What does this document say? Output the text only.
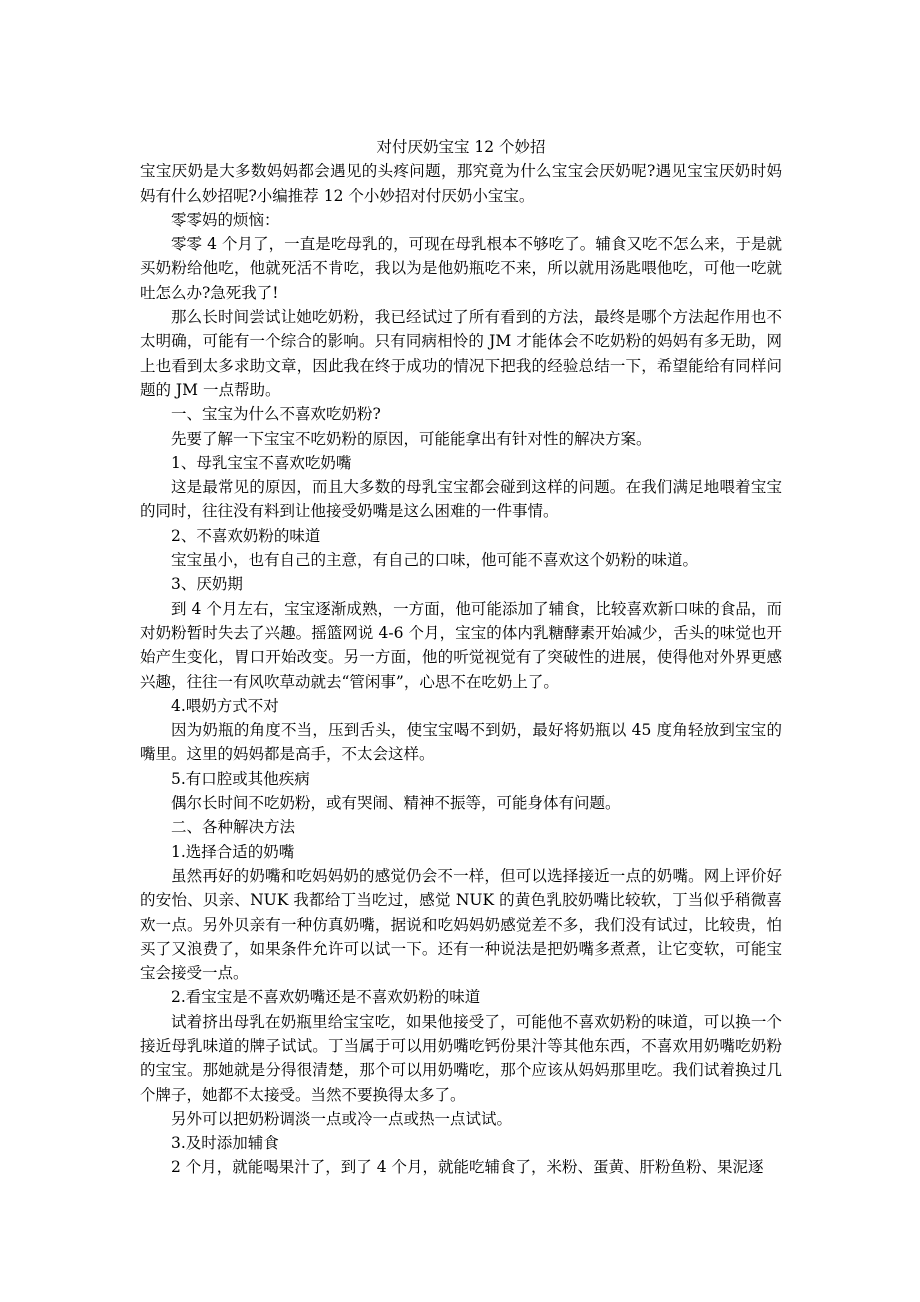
对付厌奶宝宝 12 个妙招

宝宝厌奶是大多数妈妈都会遇见的头疼问题，那究竟为什么宝宝会厌奶呢?遇见宝宝厌奶时妈妈有什么妙招呢?小编推荐 12 个小妙招对付厌奶小宝宝。

零零妈的烦恼：

零零 4 个月了，一直是吃母乳的，可现在母乳根本不够吃了。辅食又吃不怎么来，于是就买奶粉给他吃，他就死活不肯吃，我以为是他奶瓶吃不来，所以就用汤匙喂他吃，可他一吃就吐怎么办?急死我了!

那么长时间尝试让她吃奶粉，我已经试过了所有看到的方法，最终是哪个方法起作用也不太明确，可能有一个综合的影响。只有同病相怜的 JM 才能体会不吃奶粉的妈妈有多无助，网上也看到太多求助文章，因此我在终于成功的情况下把我的经验总结一下，希望能给有同样问题的 JM 一点帮助。

一、宝宝为什么不喜欢吃奶粉?

先要了解一下宝宝不吃奶粉的原因，可能能拿出有针对性的解决方案。

1、母乳宝宝不喜欢吃奶嘴

这是最常见的原因，而且大多数的母乳宝宝都会碰到这样的问题。在我们满足地喂着宝宝的同时，往往没有料到让他接受奶嘴是这么困难的一件事情。

2、不喜欢奶粉的味道

宝宝虽小，也有自己的主意，有自己的口味，他可能不喜欢这个奶粉的味道。

3、厌奶期

到 4 个月左右，宝宝逐渐成熟，一方面，他可能添加了辅食，比较喜欢新口味的食品，而对奶粉暂时失去了兴趣。摇篮网说 4-6 个月，宝宝的体内乳糖酵素开始减少，舌头的味觉也开始产生变化，胃口开始改变。另一方面，他的听觉视觉有了突破性的进展，使得他对外界更感兴趣，往往一有风吹草动就去“管闲事”，心思不在吃奶上了。

4.喂奶方式不对

因为奶瓶的角度不当，压到舌头，使宝宝喝不到奶，最好将奶瓶以 45 度角轻放到宝宝的嘴里。这里的妈妈都是高手，不太会这样。

5.有口腔或其他疾病

偶尔长时间不吃奶粉，或有哭闹、精神不振等，可能身体有问题。

二、各种解决方法

1.选择合适的奶嘴

虽然再好的奶嘴和吃妈妈奶的感觉仍会不一样，但可以选择接近一点的奶嘴。网上评价好的安怡、贝亲、NUK 我都给丁当吃过，感觉 NUK 的黄色乳胶奶嘴比较软，丁当似乎稍微喜欢一点。另外贝亲有一种仿真奶嘴，据说和吃妈妈奶感觉差不多，我们没有试过，比较贵，怕买了又浪费了，如果条件允许可以试一下。还有一种说法是把奶嘴多煮煮，让它变软，可能宝宝会接受一点。

2.看宝宝是不喜欢奶嘴还是不喜欢奶粉的味道

试着挤出母乳在奶瓶里给宝宝吃，如果他接受了，可能他不喜欢奶粉的味道，可以换一个接近母乳味道的牌子试试。丁当属于可以用奶嘴吃钙份果汁等其他东西，不喜欢用奶嘴吃奶粉的宝宝。那她就是分得很清楚，那个可以用奶嘴吃，那个应该从妈妈那里吃。我们试着换过几个牌子，她都不太接受。当然不要换得太多了。

另外可以把奶粉调淡一点或冷一点或热一点试试。

3.及时添加辅食

2 个月，就能喝果汁了，到了 4 个月，就能吃辅食了，米粉、蛋黄、肝粉鱼粉、果泥逐
